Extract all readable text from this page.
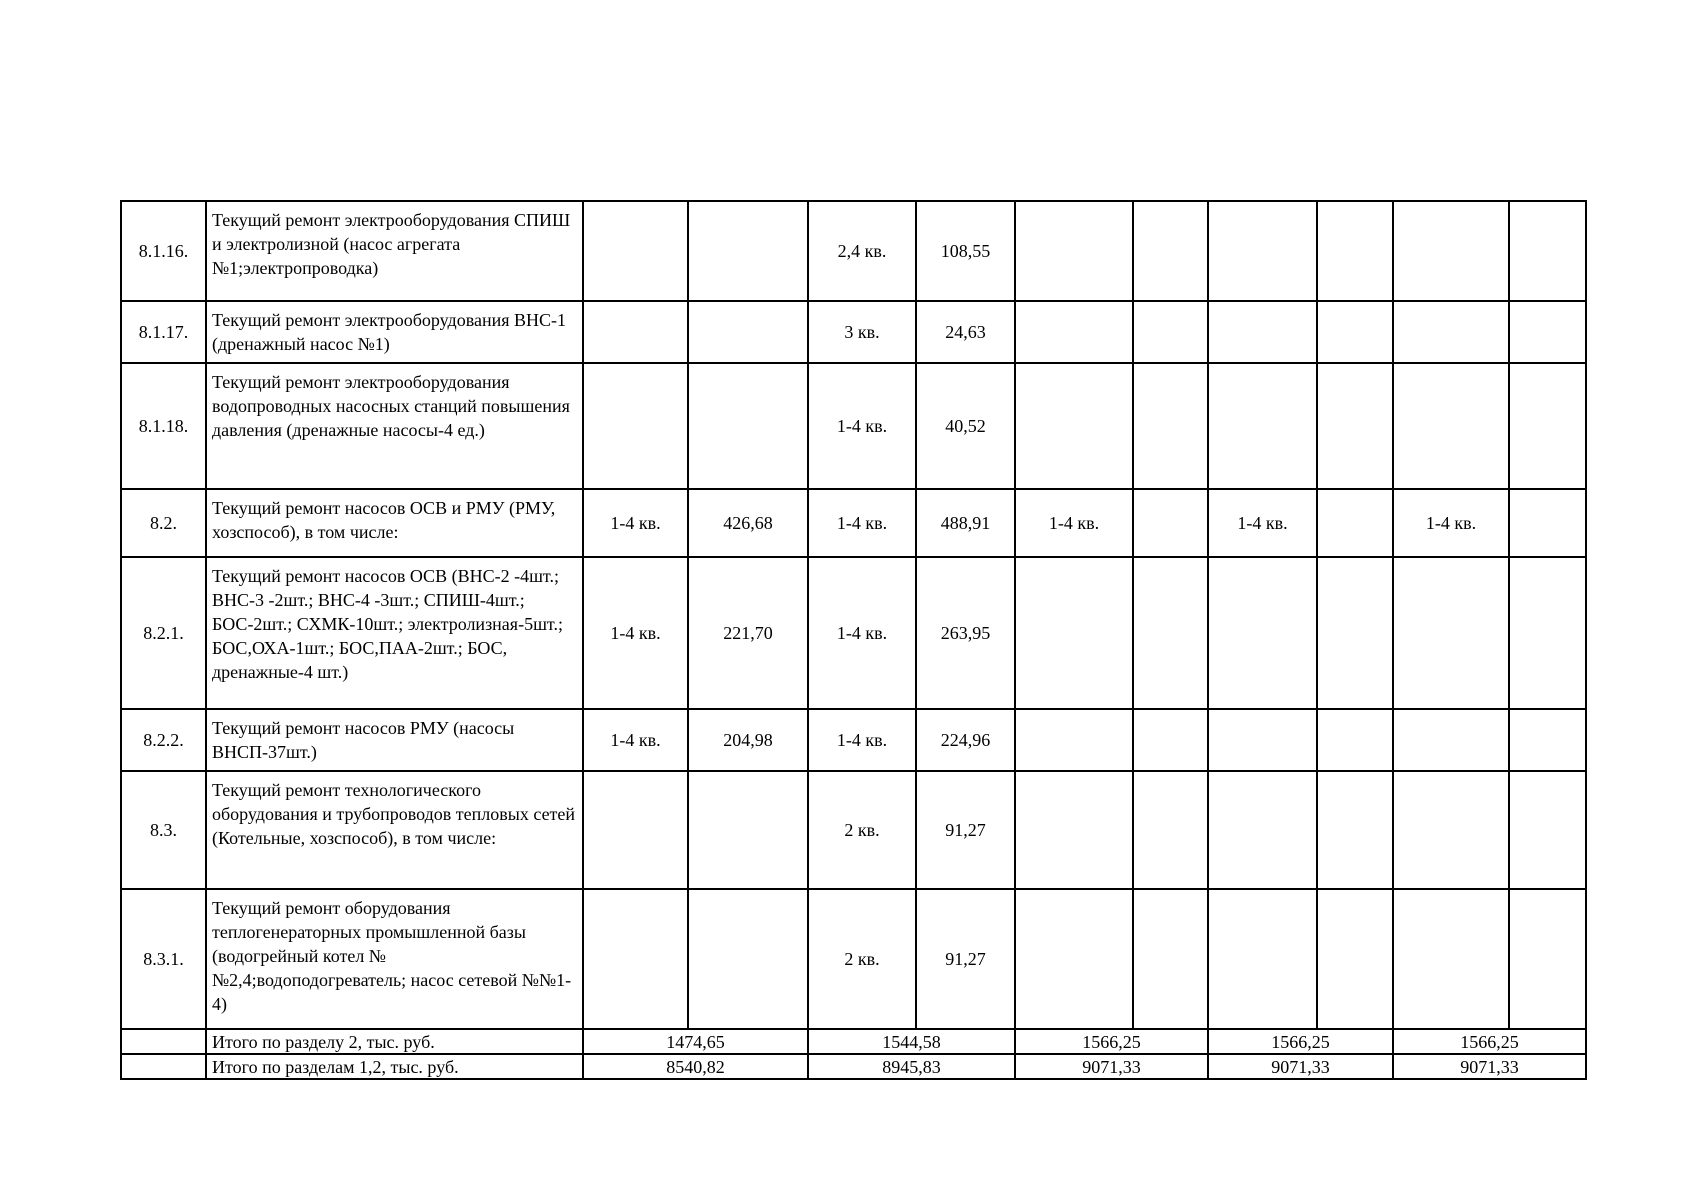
8.1.16.	Текущий ремонт электрооборудования СПИШ и электролизной (насос агрегата №1;электропроводка)			2,4 кв.	108,55						
8.1.17.	Текущий ремонт электрооборудования ВНС-1 (дренажный насос №1)			3 кв.	24,63						
8.1.18.	Текущий ремонт электрооборудования водопроводных насосных станций повышения давления (дренажные насосы-4 ед.)			1-4 кв.	40,52						
8.2.	Текущий ремонт насосов ОСВ и РМУ (РМУ, хозспособ), в том числе:	1-4 кв.	426,68	1-4 кв.	488,91	1-4 кв.		1-4 кв.		1-4 кв.	
8.2.1.	Текущий ремонт насосов ОСВ (ВНС-2 -4шт.; ВНС-3 -2шт.; ВНС-4 -3шт.; СПИШ-4шт.; БОС-2шт.; СХМК-10шт.; электролизная-5шт.; БОС,ОХА-1шт.; БОС,ПАА-2шт.; БОС, дренажные-4 шт.)	1-4 кв.	221,70	1-4 кв.	263,95						
8.2.2.	Текущий ремонт насосов РМУ (насосы ВНСП-37шт.)	1-4 кв.	204,98	1-4 кв.	224,96						
8.3.	Текущий ремонт технологического оборудования и трубопроводов тепловых сетей (Котельные, хозспособ), в том числе:			2 кв.	91,27						
8.3.1.	Текущий ремонт оборудования теплогенераторных промышленной базы (водогрейный котел №№2,4;водоподогреватель; насос сетевой №№1-4)			2 кв.	91,27						
	Итого по разделу 2, тыс. руб.	1474,65		1544,58		1566,25		1566,25		1566,25	
	Итого по разделам 1,2, тыс. руб.	8540,82		8945,83		9071,33		9071,33		9071,33	
